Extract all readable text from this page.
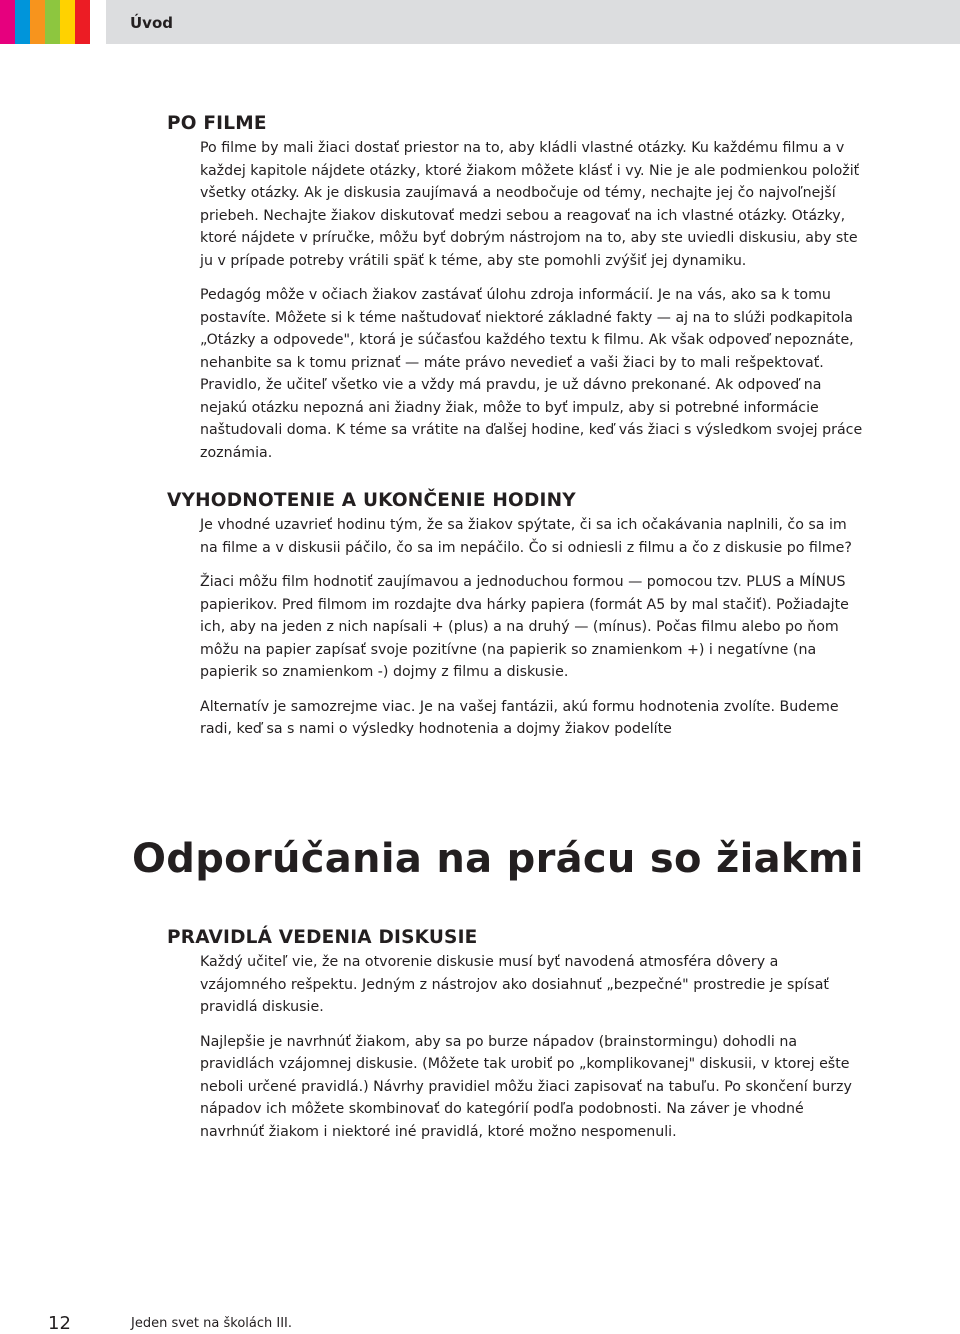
Úvod
PO FILME

Po filme by mali žiaci dostať priestor na to, aby kládli vlastné otázky. Ku každému filmu a v každej kapitole nájdete otázky, ktoré žiakom môžete klásť i vy. Nie je ale podmienkou položiť všetky otázky. Ak je diskusia zaujímavá a neodbočuje od témy, nechajte jej čo najvoľnejší priebeh. Nechajte žiakov diskutovať medzi sebou a reagovať na ich vlastné otázky. Otázky, ktoré nájdete v príručke, môžu byť dobrým nástrojom na to, aby ste uviedli diskusiu, aby ste ju v prípade potreby vrátili späť k téme, aby ste pomohli zvýšiť jej dynamiku.

Pedagóg môže v očiach žiakov zastávať úlohu zdroja informácií. Je na vás, ako sa k tomu postavíte. Môžete si k téme naštudovať niektoré základné fakty — aj na to slúži podkapitola „Otázky a odpovede", ktorá je súčasťou každého textu k filmu. Ak však odpoveď nepoznáte, nehanbite sa k tomu priznať — máte právo nevedieť a vaši žiaci by to mali rešpektovať. Pravidlo, že učiteľ všetko vie a vždy má pravdu, je už dávno prekonané. Ak odpoveď na nejakú otázku nepozná ani žiadny žiak, môže to byť impulz, aby si potrebné informácie naštudovali doma. K téme sa vrátite na ďalšej hodine, keď vás žiaci s výsledkom svojej práce zoznámia.

VYHODNOTENIE A UKONČENIE HODINY

Je vhodné uzavrieť hodinu tým, že sa žiakov spýtate, či sa ich očakávania naplnili, čo sa im na filme a v diskusii páčilo, čo sa im nepáčilo. Čo si odniesli z filmu a čo z diskusie po filme?

Žiaci môžu film hodnotiť zaujímavou a jednoduchou formou — pomocou tzv. PLUS a MÍNUS papierikov. Pred filmom im rozdajte dva hárky papiera (formát A5 by mal stačiť). Požiadajte ich, aby na jeden z nich napísali + (plus) a na druhý — (mínus). Počas filmu alebo po ňom môžu na papier zapísať svoje pozitívne (na papierik so znamienkom +) i negatívne (na papierik so znamienkom -) dojmy z filmu a diskusie.

Alternatív je samozrejme viac. Je na vašej fantázii, akú formu hodnotenia zvolíte. Budeme radi, keď sa s nami o výsledky hodnotenia a dojmy žiakov podelíte

Odporúčania na prácu so žiakmi
PRAVIDLÁ VEDENIA DISKUSIE

Každý učiteľ vie, že na otvorenie diskusie musí byť navodená atmosféra dôvery a vzájomného rešpektu. Jedným z nástrojov ako dosiahnuť „bezpečné" prostredie je spísať pravidlá diskusie.

Najlepšie je navrhnúť žiakom, aby sa po burze nápadov (brainstormingu) dohodli na pravidlách vzájomnej diskusie. (Môžete tak urobiť po „komplikovanej" diskusii, v ktorej ešte neboli určené pravidlá.) Návrhy pravidiel môžu žiaci zapisovať na tabuľu. Po skončení burzy nápadov ich môžete skombinovať do kategórií podľa podobnosti. Na záver je vhodné navrhnúť žiakom i niektoré iné pravidlá, ktoré možno nespomenuli.

12	Jeden svet na školách III.
